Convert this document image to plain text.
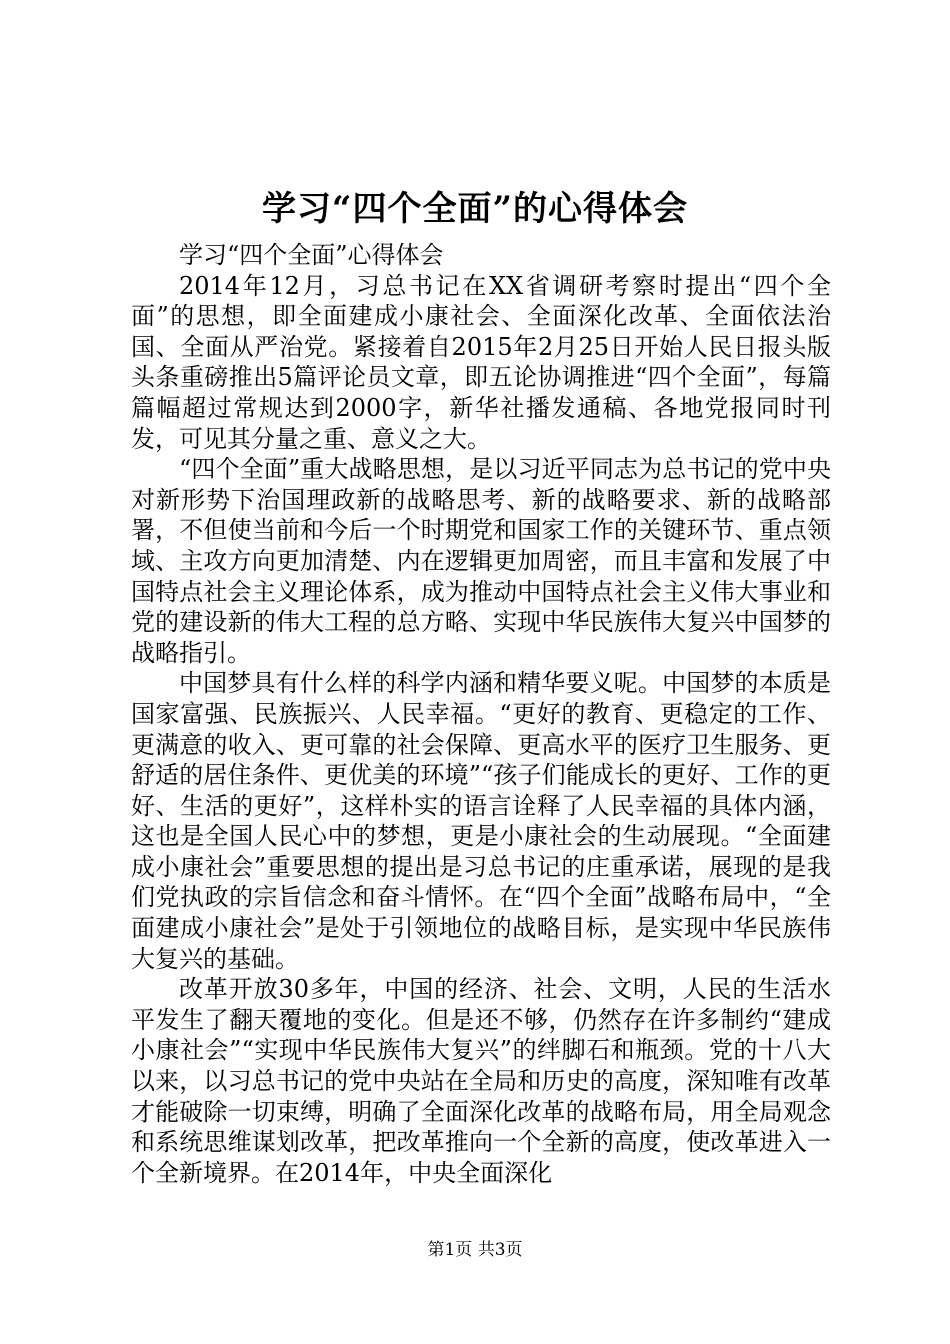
学习“四个全面”的心得体会

学习“四个全面”心得体会

2014年12月，习总书记在XX省调研考察时提出“四个全面”的思想，即全面建成小康社会、全面深化改革、全面依法治国、全面从严治党。紧接着自2015年2月25日开始人民日报头版头条重磅推出5篇评论员文章，即五论协调推进“四个全面”，每篇篇幅超过常规达到2000字，新华社播发通稿、各地党报同时刊发，可见其分量之重、意义之大。

“四个全面”重大战略思想，是以习近平同志为总书记的党中央对新形势下治国理政新的战略思考、新的战略要求、新的战略部署，不但使当前和今后一个时期党和国家工作的关键环节、重点领域、主攻方向更加清楚、内在逻辑更加周密，而且丰富和发展了中国特点社会主义理论体系，成为推动中国特点社会主义伟大事业和党的建设新的伟大工程的总方略、实现中华民族伟大复兴中国梦的战略指引。

中国梦具有什么样的科学内涵和精华要义呢。中国梦的本质是国家富强、民族振兴、人民幸福。“更好的教育、更稳定的工作、更满意的收入、更可靠的社会保障、更高水平的医疗卫生服务、更舒适的居住条件、更优美的环境”“孩子们能成长的更好、工作的更好、生活的更好”，这样朴实的语言诠释了人民幸福的具体内涵，这也是全国人民心中的梦想，更是小康社会的生动展现。“全面建成小康社会”重要思想的提出是习总书记的庄重承诺，展现的是我们党执政的宗旨信念和奋斗情怀。在“四个全面”战略布局中，“全面建成小康社会”是处于引领地位的战略目标，是实现中华民族伟大复兴的基础。

改革开放30多年，中国的经济、社会、文明，人民的生活水平发生了翻天覆地的变化。但是还不够，仍然存在许多制约“建成小康社会”“实现中华民族伟大复兴”的绊脚石和瓶颈。党的十八大以来，以习总书记的党中央站在全局和历史的高度，深知唯有改革才能破除一切束缚，明确了全面深化改革的战略布局，用全局观念和系统思维谋划改革，把改革推向一个全新的高度，使改革进入一个全新境界。在2014年，中央全面深化

第1页 共3页
